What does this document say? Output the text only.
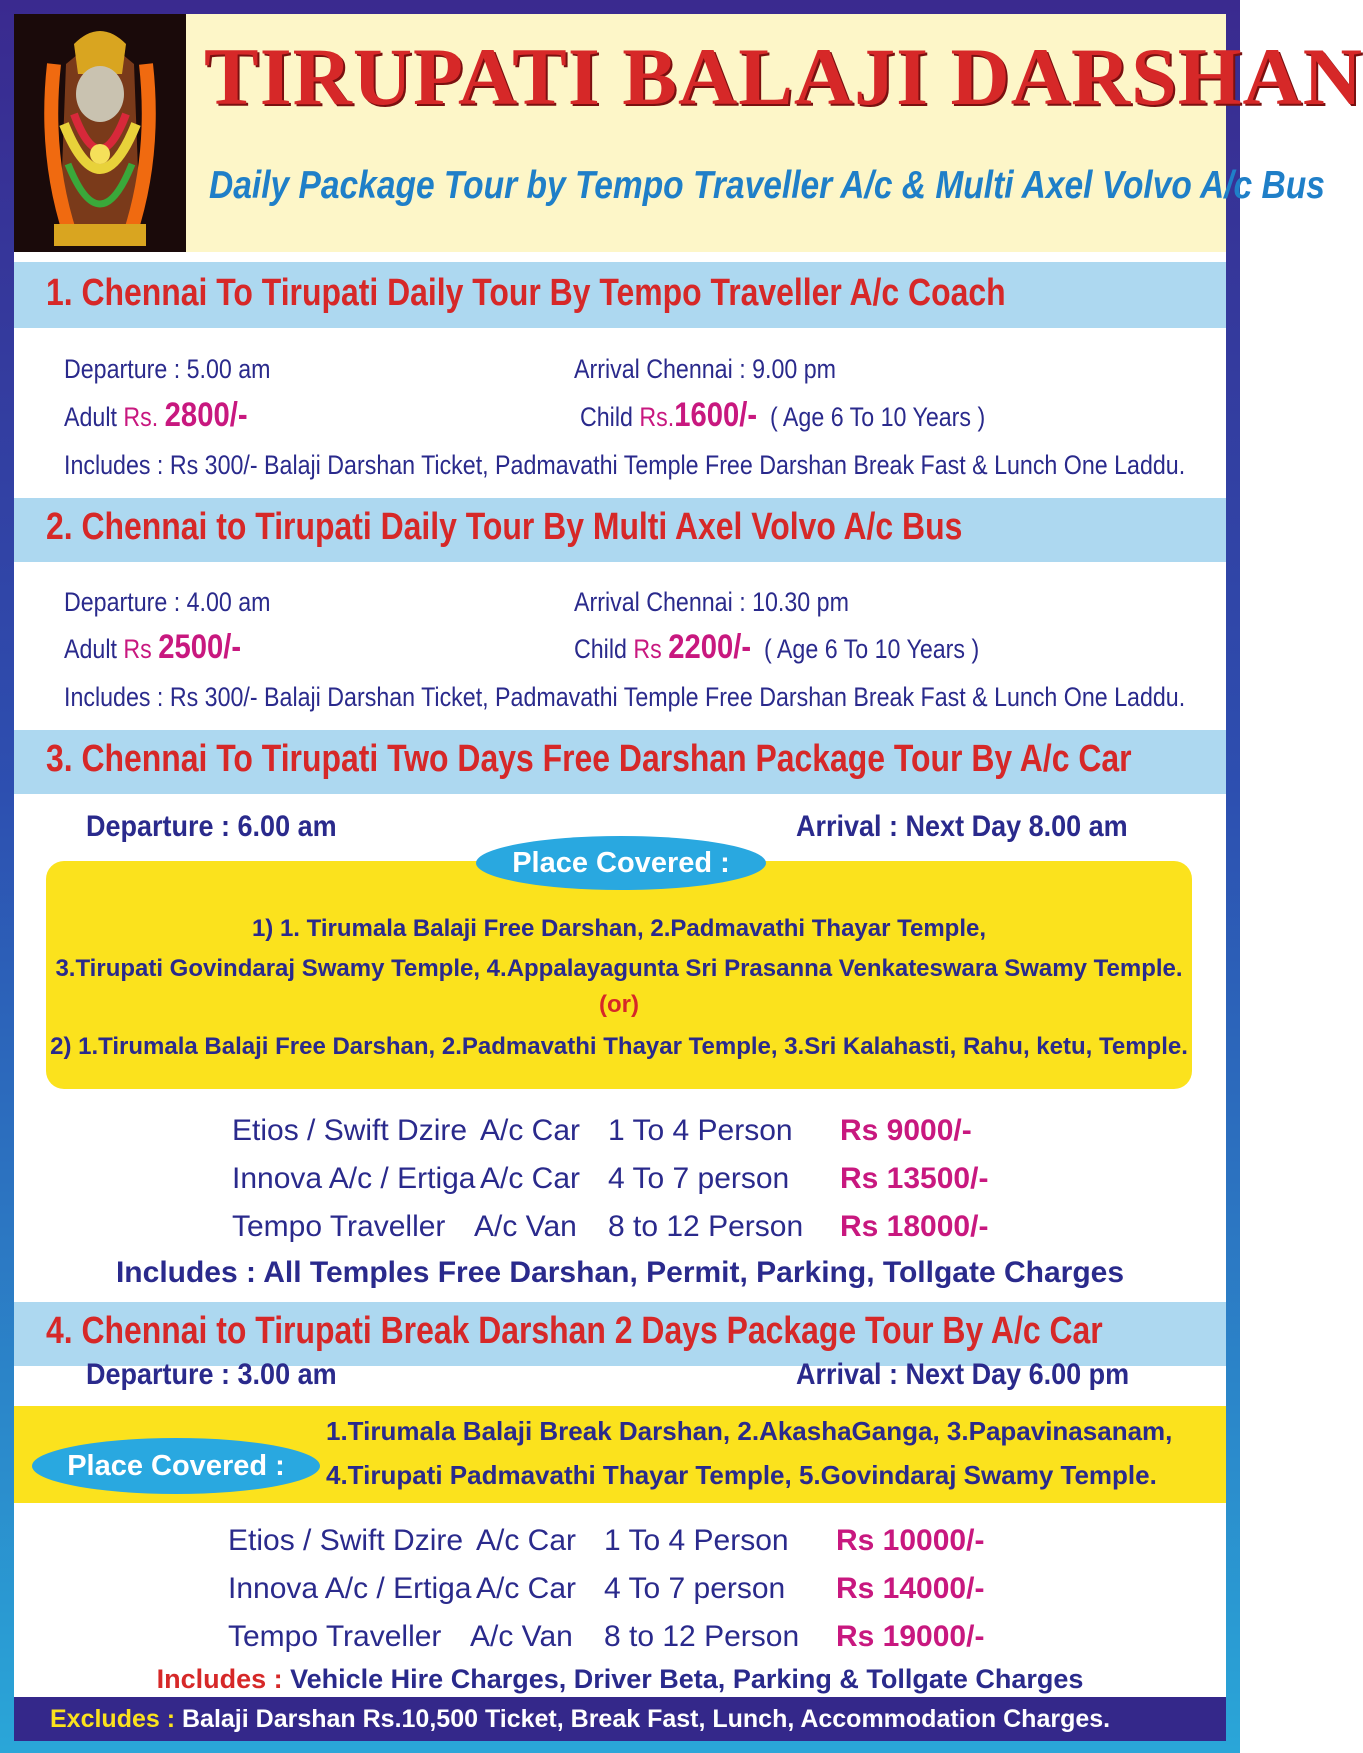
TIRUPATI BALAJI DARSHAN
Daily Package Tour by Tempo Traveller A/c & Multi Axel Volvo A/c Bus
1. Chennai To Tirupati Daily Tour By Tempo Traveller A/c Coach
Departure : 5.00 am	Arrival Chennai : 9.00 pm
Adult Rs. 2800/-	Child Rs.1600/- ( Age 6 To 10 Years )
Includes : Rs 300/- Balaji Darshan Ticket, Padmavathi Temple Free Darshan Break Fast & Lunch One Laddu.
2. Chennai to Tirupati Daily Tour By Multi Axel Volvo A/c Bus
Departure : 4.00 am	Arrival Chennai : 10.30 pm
Adult Rs 2500/-	Child Rs 2200/- ( Age 6 To 10 Years )
Includes : Rs 300/- Balaji Darshan Ticket, Padmavathi Temple Free Darshan Break Fast & Lunch One Laddu.
3. Chennai To Tirupati Two Days Free Darshan Package Tour By A/c Car
Departure : 6.00 am	Arrival : Next Day 8.00 am
1) 1. Tirumala Balaji Free Darshan, 2.Padmavathi Thayar Temple,
3.Tirupati Govindaraj Swamy Temple, 4.Appalayagunta Sri Prasanna Venkateswara Swamy Temple.
(or)
2) 1.Tirumala Balaji Free Darshan, 2.Padmavathi Thayar Temple, 3.Sri Kalahasti, Rahu, ketu, Temple.
Place Covered :
Etios / Swift Dzire A/c Car 1 To 4 Person Rs 9000/-
Innova A/c / Ertiga A/c Car 4 To 7 person Rs 13500/-
Tempo Traveller A/c Van 8 to 12 Person Rs 18000/-
Includes : All Temples Free Darshan, Permit, Parking, Tollgate Charges
4. Chennai to Tirupati Break Darshan 2 Days Package Tour By A/c Car
Departure : 3.00 am	Arrival : Next Day 6.00 pm
1.Tirumala Balaji Break Darshan, 2.AkashaGanga, 3.Papavinasanam,
4.Tirupati Padmavathi Thayar Temple, 5.Govindaraj Swamy Temple.
Place Covered :
Etios / Swift Dzire A/c Car 1 To 4 Person Rs 10000/-
Innova A/c / Ertiga A/c Car 4 To 7 person Rs 14000/-
Tempo Traveller A/c Van 8 to 12 Person Rs 19000/-
Includes : Vehicle Hire Charges, Driver Beta, Parking & Tollgate Charges
Excludes : Balaji Darshan Rs.10,500 Ticket, Break Fast, Lunch, Accommodation Charges.
